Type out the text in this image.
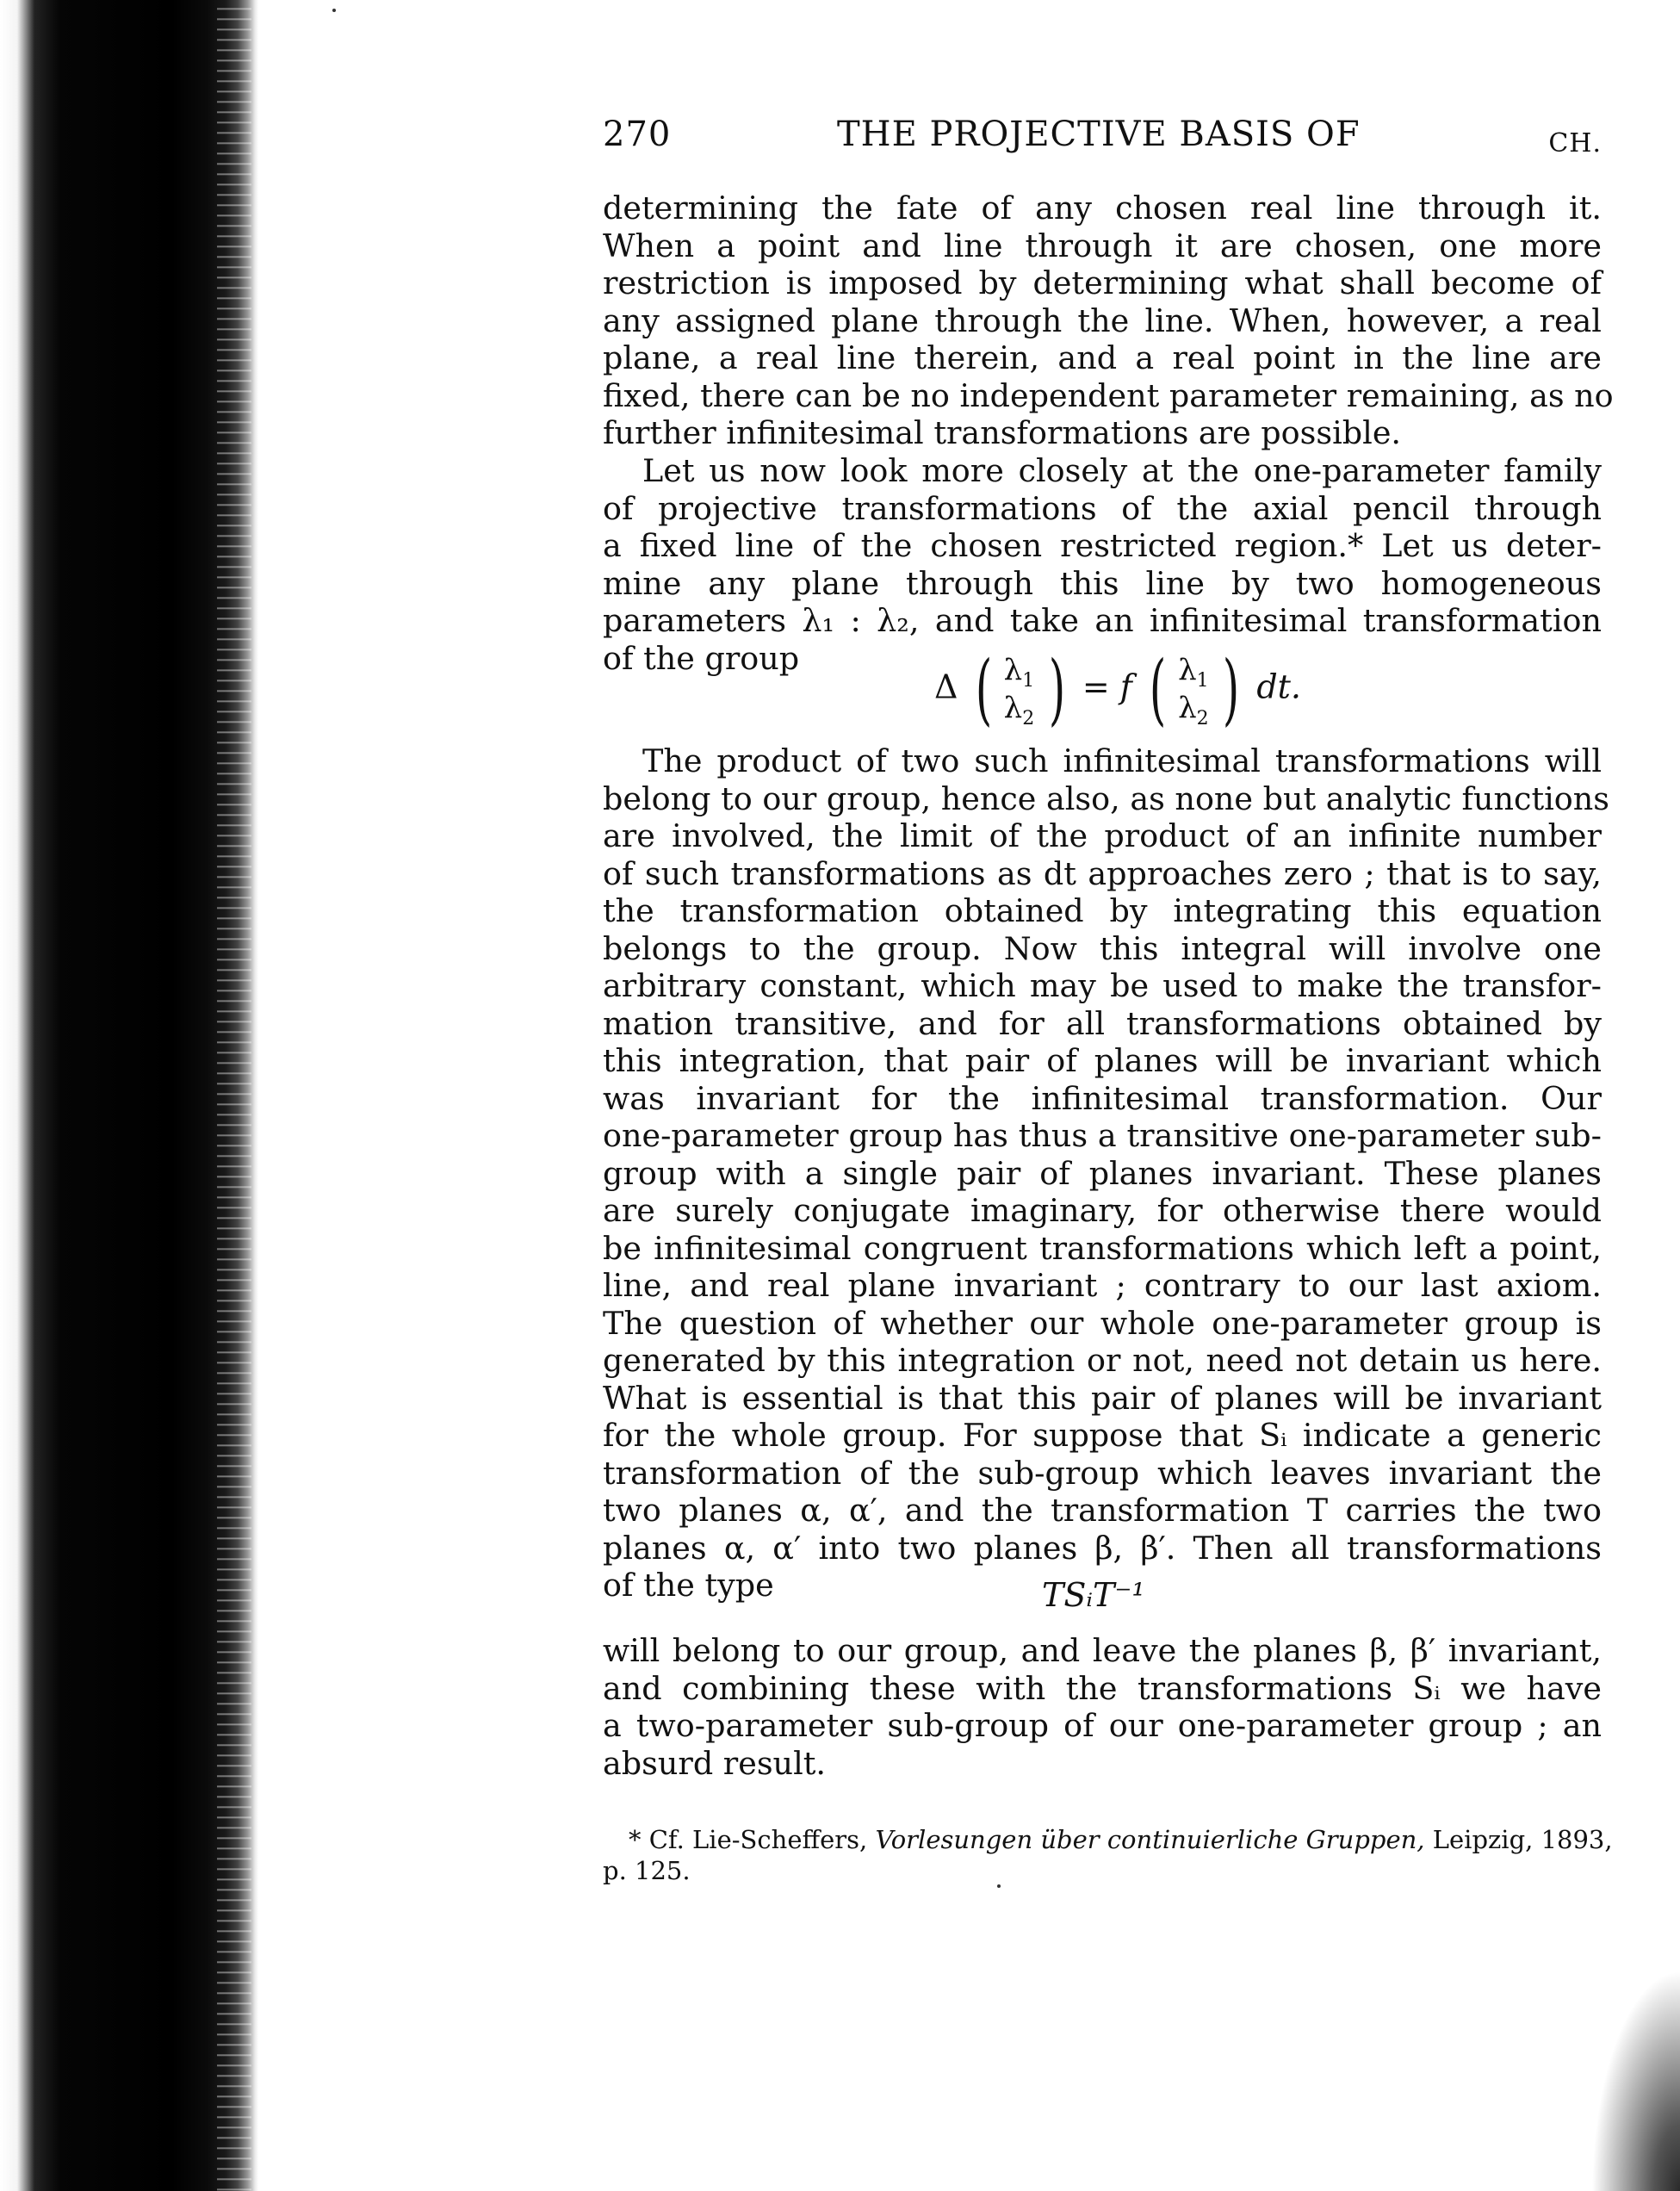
270	THE PROJECTIVE BASIS OF	CH.
determining the fate of any chosen real line through it.
When a point and line through it are chosen, one more
restriction is imposed by determining what shall become of
any assigned plane through the line. When, however, a real
plane, a real line therein, and a real point in the line are
fixed, there can be no independent parameter remaining, as no
further infinitesimal transformations are possible.
Let us now look more closely at the one-parameter family
of projective transformations of the axial pencil through
a fixed line of the chosen restricted region.* Let us deter-
mine any plane through this line by two homogeneous
parameters λ₁ : λ₂, and take an infinitesimal transformation
of the group
Δ ( $\lambda_1$
$\lambda_2$ ) = f ( $\lambda_1$
$\lambda_2$ ) dt.
The product of two such infinitesimal transformations will
belong to our group, hence also, as none but analytic functions
are involved, the limit of the product of an infinite number
of such transformations as dt approaches zero ; that is to say,
the transformation obtained by integrating this equation
belongs to the group. Now this integral will involve one
arbitrary constant, which may be used to make the transfor-
mation transitive, and for all transformations obtained by
this integration, that pair of planes will be invariant which
was invariant for the infinitesimal transformation. Our
one-parameter group has thus a transitive one-parameter sub-
group with a single pair of planes invariant. These planes
are surely conjugate imaginary, for otherwise there would
be infinitesimal congruent transformations which left a point,
line, and real plane invariant ; contrary to our last axiom.
The question of whether our whole one-parameter group is
generated by this integration or not, need not detain us here.
What is essential is that this pair of planes will be invariant
for the whole group. For suppose that Sᵢ indicate a generic
transformation of the sub-group which leaves invariant the
two planes α, α′, and the transformation T carries the two
planes α, α′ into two planes β, β′. Then all transformations
of the type	TSᵢT⁻¹
will belong to our group, and leave the planes β, β′ invariant,
and combining these with the transformations Sᵢ we have
a two-parameter sub-group of our one-parameter group ; an
absurd result.
* Cf. Lie-Scheffers, Vorlesungen über continuierliche Gruppen, Leipzig, 1893,
p. 125.
